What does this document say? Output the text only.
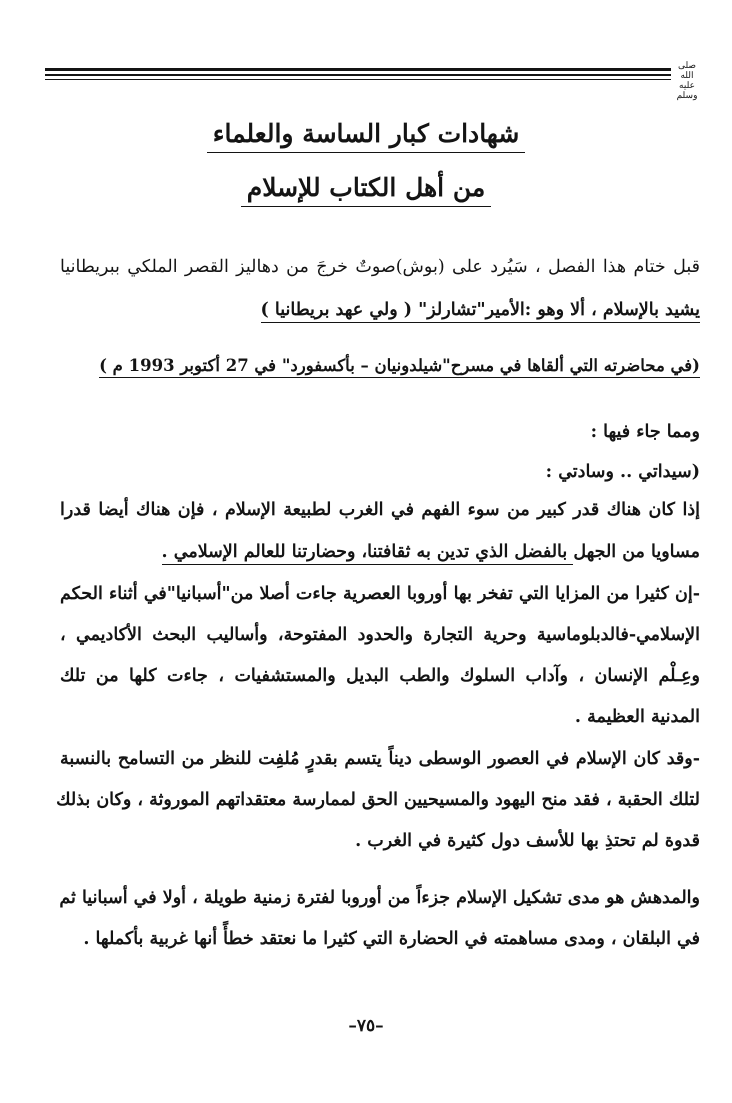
صلى الله عليه وسلم
شهادات كبار الساسة والعلماء
من أهل الكتاب للإسلام
قبل ختام هذا الفصل ، سَيُرد على (بوش)صوتٌ خرجَ من دهاليز القصر الملكي ببريطانيا
يشيد بالإسلام ، ألا وهو :الأمير"تشارلز" ( ولي عهد بريطانيا )
(في محاضرته التي ألقاها في مسرح"شيلدونيان – بأكسفورد" في 27 أكتوبر 1993 م )
ومما جاء فيها :
(سيداتي .. وسادتي :
إذا كان هناك قدر كبير من سوء الفهم في الغرب لطبيعة الإسلام ، فإن هناك أيضا قدرا
مساويا من الجهل بالفضل الذي تدين به ثقافتنا، وحضارتنا للعالم الإسلامي .
-إن كثيرا من المزايا التي تفخر بها أوروبا العصرية جاءت أصلا من"أسبانيا"في أثناء الحكم
الإسلامي-فالدبلوماسية وحرية التجارة والحدود المفتوحة، وأساليب البحث الأكاديمي ،
وعِـلْم الإنسان ، وآداب السلوك والطب البديل والمستشفيات ، جاءت كلها من تلك
المدنية العظيمة .
-وقد كان الإسلام في العصور الوسطى ديناً يتسم بقدرٍ مُلفِت للنظر من التسامح بالنسبة
لتلك الحقبة ، فقد منح اليهود والمسيحيين الحق لممارسة معتقداتهم الموروثة ، وكان بذلك
قدوة لم تحتذِ بها للأسف دول كثيرة في الغرب .
والمدهش هو مدى تشكيل الإسلام جزءاً من أوروبا لفترة زمنية طويلة ، أولا في أسبانيا ثم
في البلقان ، ومدى مساهمته في الحضارة التي كثيرا ما نعتقد خطأً أنها غربية بأكملها .
–٧٥–
